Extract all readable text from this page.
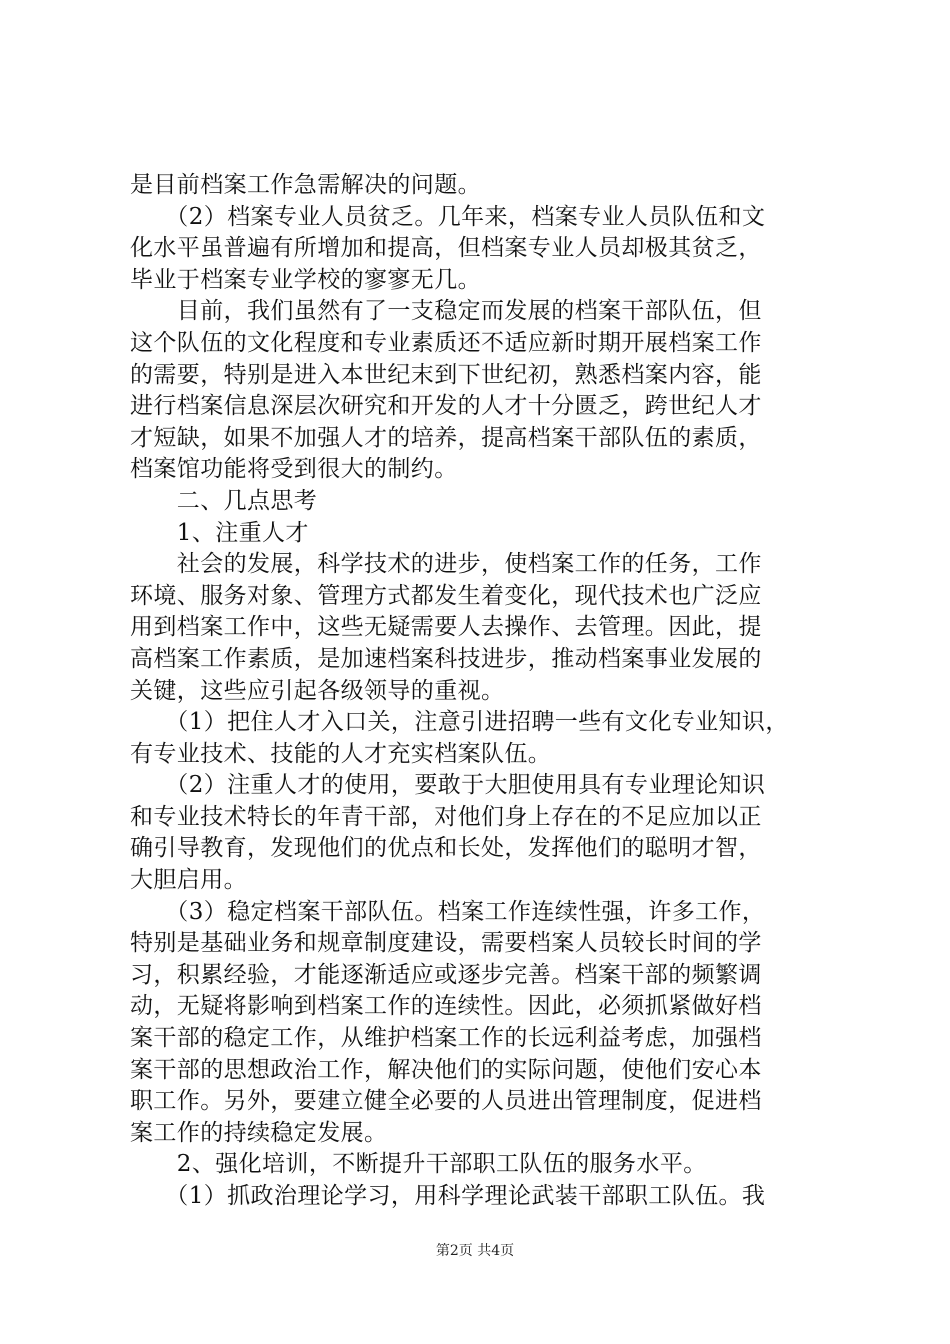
是目前档案工作急需解决的问题。
　　（2）档案专业人员贫乏。几年来，档案专业人员队伍和文
化水平虽普遍有所增加和提高，但档案专业人员却极其贫乏，
毕业于档案专业学校的寥寥无几。
　　目前，我们虽然有了一支稳定而发展的档案干部队伍，但
这个队伍的文化程度和专业素质还不适应新时期开展档案工作
的需要，特别是进入本世纪末到下世纪初，熟悉档案内容，能
进行档案信息深层次研究和开发的人才十分匮乏，跨世纪人才
才短缺，如果不加强人才的培养，提高档案干部队伍的素质，
档案馆功能将受到很大的制约。
　　二、几点思考
　　1、注重人才
　　社会的发展，科学技术的进步，使档案工作的任务，工作
环境、服务对象、管理方式都发生着变化，现代技术也广泛应
用到档案工作中，这些无疑需要人去操作、去管理。因此，提
高档案工作素质，是加速档案科技进步，推动档案事业发展的
关键，这些应引起各级领导的重视。
　　（1）把住人才入口关，注意引进招聘一些有文化专业知识，
有专业技术、技能的人才充实档案队伍。
　　（2）注重人才的使用，要敢于大胆使用具有专业理论知识
和专业技术特长的年青干部，对他们身上存在的不足应加以正
确引导教育，发现他们的优点和长处，发挥他们的聪明才智，
大胆启用。
　　（3）稳定档案干部队伍。档案工作连续性强，许多工作，
特别是基础业务和规章制度建设，需要档案人员较长时间的学
习，积累经验，才能逐渐适应或逐步完善。档案干部的频繁调
动，无疑将影响到档案工作的连续性。因此，必须抓紧做好档
案干部的稳定工作，从维护档案工作的长远利益考虑，加强档
案干部的思想政治工作，解决他们的实际问题，使他们安心本
职工作。另外，要建立健全必要的人员进出管理制度，促进档
案工作的持续稳定发展。
　　2、强化培训，不断提升干部职工队伍的服务水平。
　　（1）抓政治理论学习，用科学理论武装干部职工队伍。我
第2页 共4页
